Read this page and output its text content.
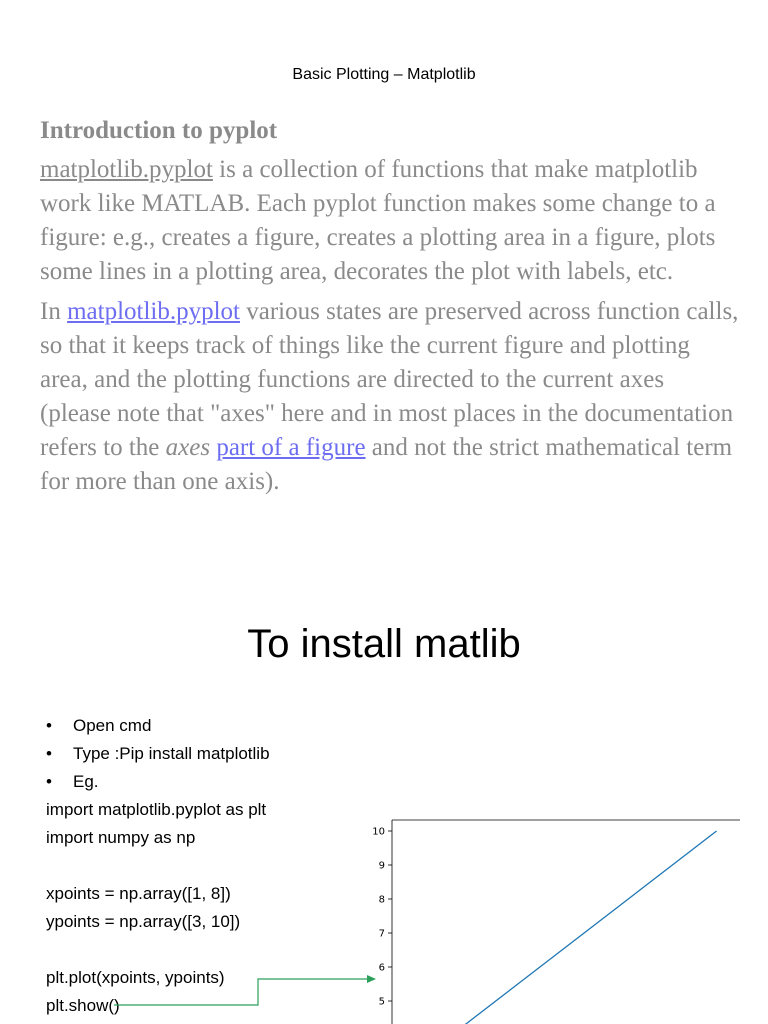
Basic Plotting – Matplotlib
Introduction to pyplot

matplotlib.pyplot is a collection of functions that make matplotlib work like MATLAB. Each pyplot function makes some change to a figure: e.g., creates a figure, creates a plotting area in a figure, plots some lines in a plotting area, decorates the plot with labels, etc.

In matplotlib.pyplot various states are preserved across function calls, so that it keeps track of things like the current figure and plotting area, and the plotting functions are directed to the current axes (please note that "axes" here and in most places in the documentation refers to the axes part of a figure and not the strict mathematical term for more than one axis).

To install matlib
• Open cmd
• Type :Pip install matplotlib
• Eg.
import matplotlib.pyplot as plt
import numpy as np
xpoints = np.array([1, 8])
ypoints = np.array([3, 10])
plt.plot(xpoints, ypoints)
plt.show()	5
6
7
8
9
10
